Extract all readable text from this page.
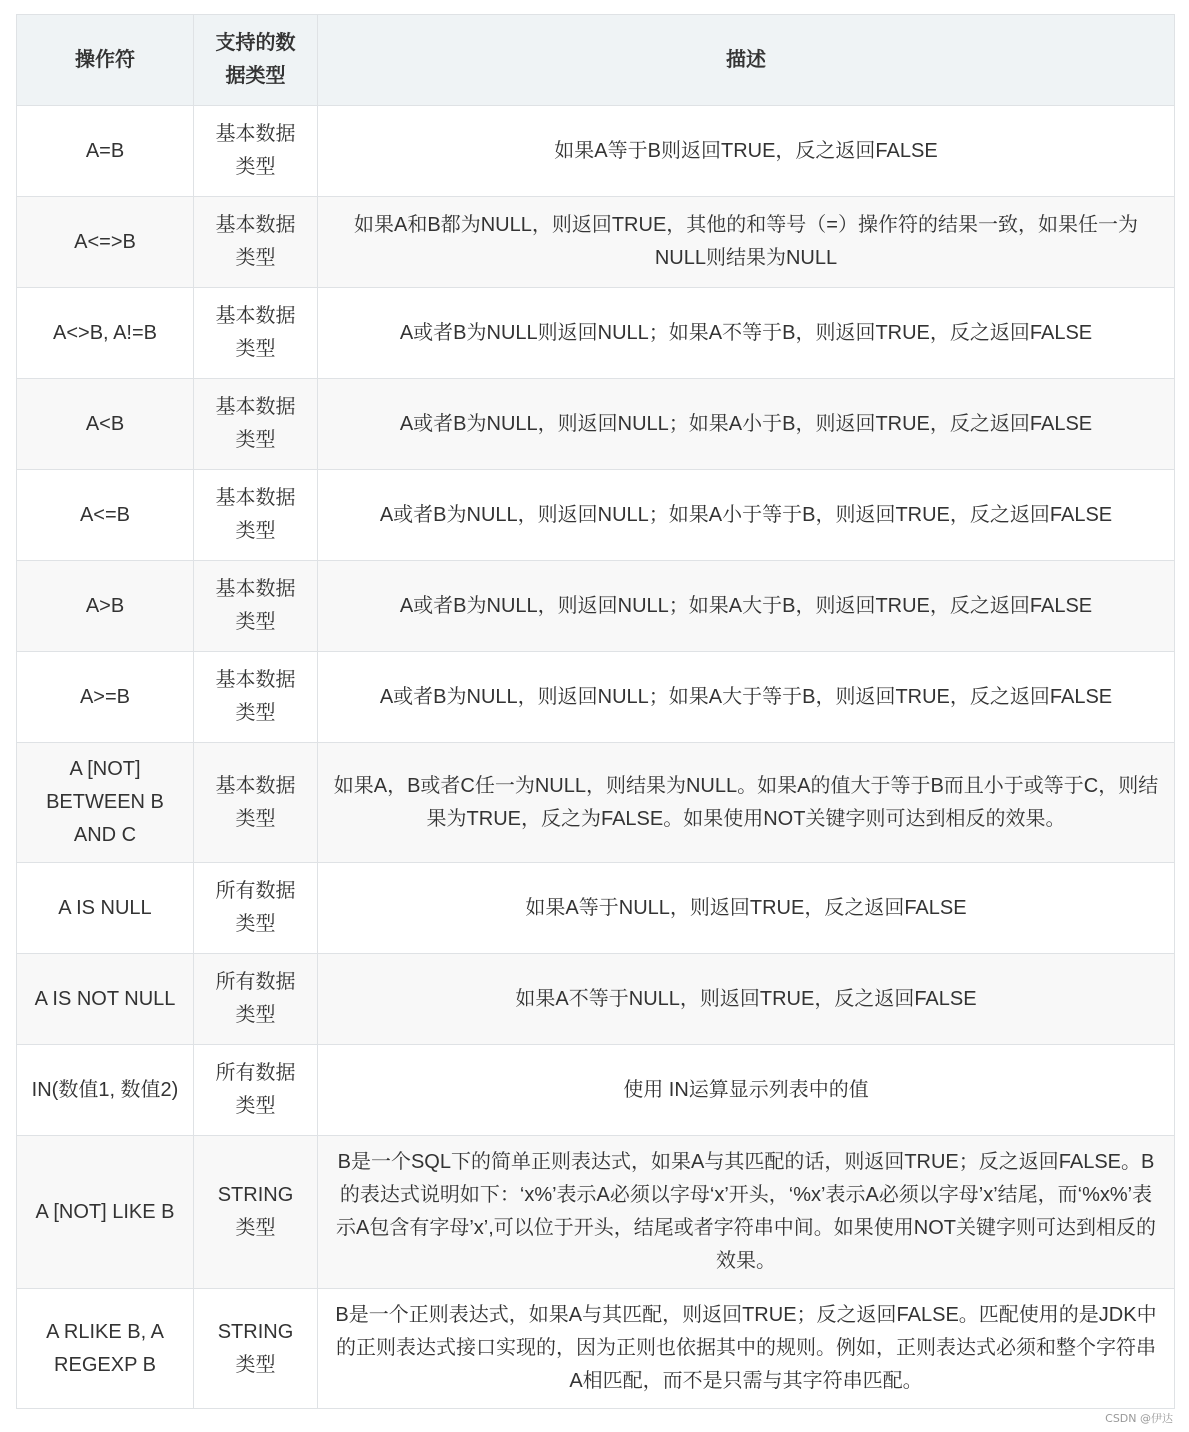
操作符	支持的数据类型	描述
A=B	基本数据类型	如果A等于B则返回TRUE，反之返回FALSE
A<=>B	基本数据类型	如果A和B都为NULL，则返回TRUE，其他的和等号（=）操作符的结果一致，如果任一为NULL则结果为NULL
A<>B, A!=B	基本数据类型	A或者B为NULL则返回NULL；如果A不等于B，则返回TRUE，反之返回FALSE
A<B	基本数据类型	A或者B为NULL，则返回NULL；如果A小于B，则返回TRUE，反之返回FALSE
A<=B	基本数据类型	A或者B为NULL，则返回NULL；如果A小于等于B，则返回TRUE，反之返回FALSE
A>B	基本数据类型	A或者B为NULL，则返回NULL；如果A大于B，则返回TRUE，反之返回FALSE
A>=B	基本数据类型	A或者B为NULL，则返回NULL；如果A大于等于B，则返回TRUE，反之返回FALSE
A [NOT] BETWEEN B AND C	基本数据类型	如果A，B或者C任一为NULL，则结果为NULL。如果A的值大于等于B而且小于或等于C，则结果为TRUE，反之为FALSE。如果使用NOT关键字则可达到相反的效果。
A IS NULL	所有数据类型	如果A等于NULL，则返回TRUE，反之返回FALSE
A IS NOT NULL	所有数据类型	如果A不等于NULL，则返回TRUE，反之返回FALSE
IN(数值1, 数值2)	所有数据类型	使用 IN运算显示列表中的值
A [NOT] LIKE B	STRING 类型	B是一个SQL下的简单正则表达式，如果A与其匹配的话，则返回TRUE；反之返回FALSE。B的表达式说明如下：‘x%’表示A必须以字母‘x’开头，‘%x’表示A必须以字母’x’结尾，而‘%x%’表示A包含有字母’x’,可以位于开头，结尾或者字符串中间。如果使用NOT关键字则可达到相反的效果。
A RLIKE B, A REGEXP B	STRING 类型	B是一个正则表达式，如果A与其匹配，则返回TRUE；反之返回FALSE。匹配使用的是JDK中的正则表达式接口实现的，因为正则也依据其中的规则。例如，正则表达式必须和整个字符串A相匹配，而不是只需与其字符串匹配。
CSDN @伊达
